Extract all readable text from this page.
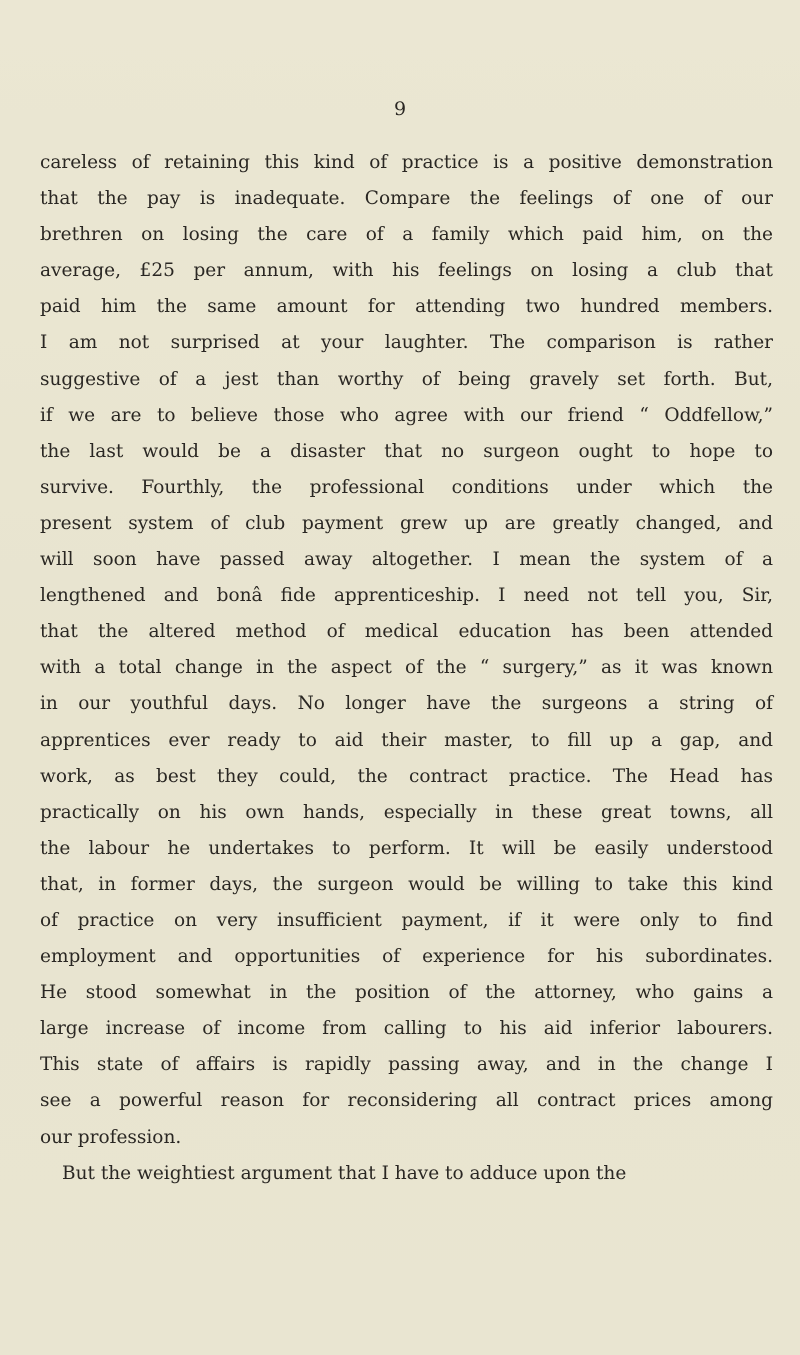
9
careless of retaining this kind of practice is a positive demonstration
that the pay is inadequate. Compare the feelings of one of our
brethren on losing the care of a family which paid him, on the
average, £25 per annum, with his feelings on losing a club that
paid him the same amount for attending two hundred members.
I am not surprised at your laughter. The comparison is rather
suggestive of a jest than worthy of being gravely set forth. But,
if we are to believe those who agree with our friend “ Oddfellow,”
the last would be a disaster that no surgeon ought to hope to
survive. Fourthly, the professional conditions under which the
present system of club payment grew up are greatly changed, and
will soon have passed away altogether. I mean the system of a
lengthened and bonâ fide apprenticeship. I need not tell you, Sir,
that the altered method of medical education has been attended
with a total change in the aspect of the “ surgery,” as it was known
in our youthful days. No longer have the surgeons a string of
apprentices ever ready to aid their master, to fill up a gap, and
work, as best they could, the contract practice. The Head has
practically on his own hands, especially in these great towns, all
the labour he undertakes to perform. It will be easily understood
that, in former days, the surgeon would be willing to take this kind
of practice on very insufficient payment, if it were only to find
employment and opportunities of experience for his subordinates.
He stood somewhat in the position of the attorney, who gains a
large increase of income from calling to his aid inferior labourers.
This state of affairs is rapidly passing away, and in the change I
see a powerful reason for reconsidering all contract prices among
our profession.
But the weightiest argument that I have to adduce upon the
